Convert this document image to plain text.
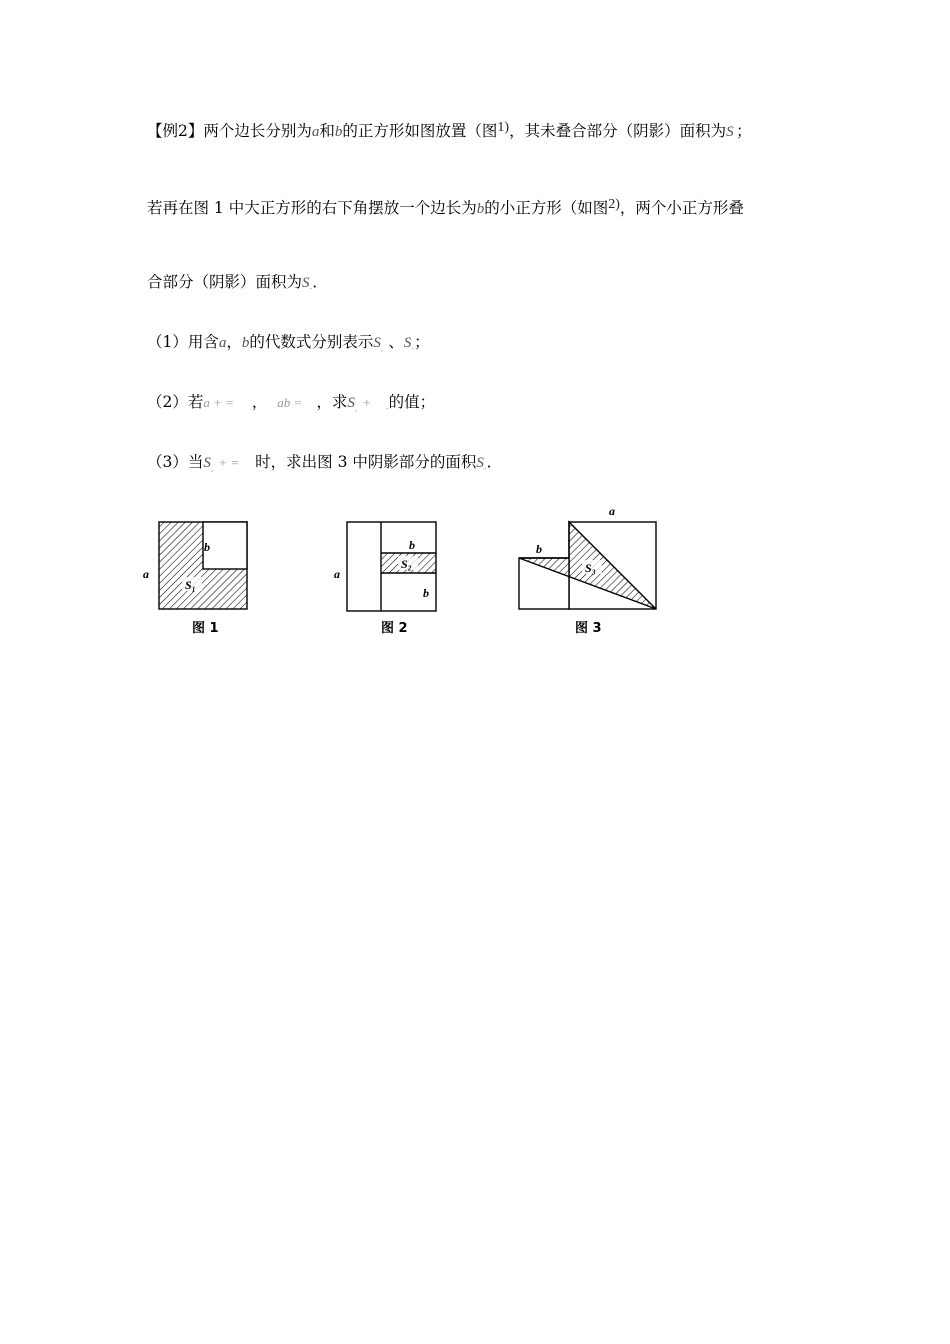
【例2】两个边长分别为a和b的正方形如图放置（图1)，其未叠合部分（阴影）面积为S ；
若再在图 1 中大正方形的右下角摆放一个边长为b的小正方形（如图2)，两个小正方形叠
合部分（阴影）面积为$S_-$．
（1）用含a，b的代数式分别表示$S_,$ 、$S_-$；
（2）若a + = ， ab = ，求$S_, + _-$的值；
（3）当$S_,$ + = 时，求出图 3 中阴影部分的面积$S_-$．
a
b
S₁
图 1
a
b
S₂
b
图 2
a
b
S₃
图 3
